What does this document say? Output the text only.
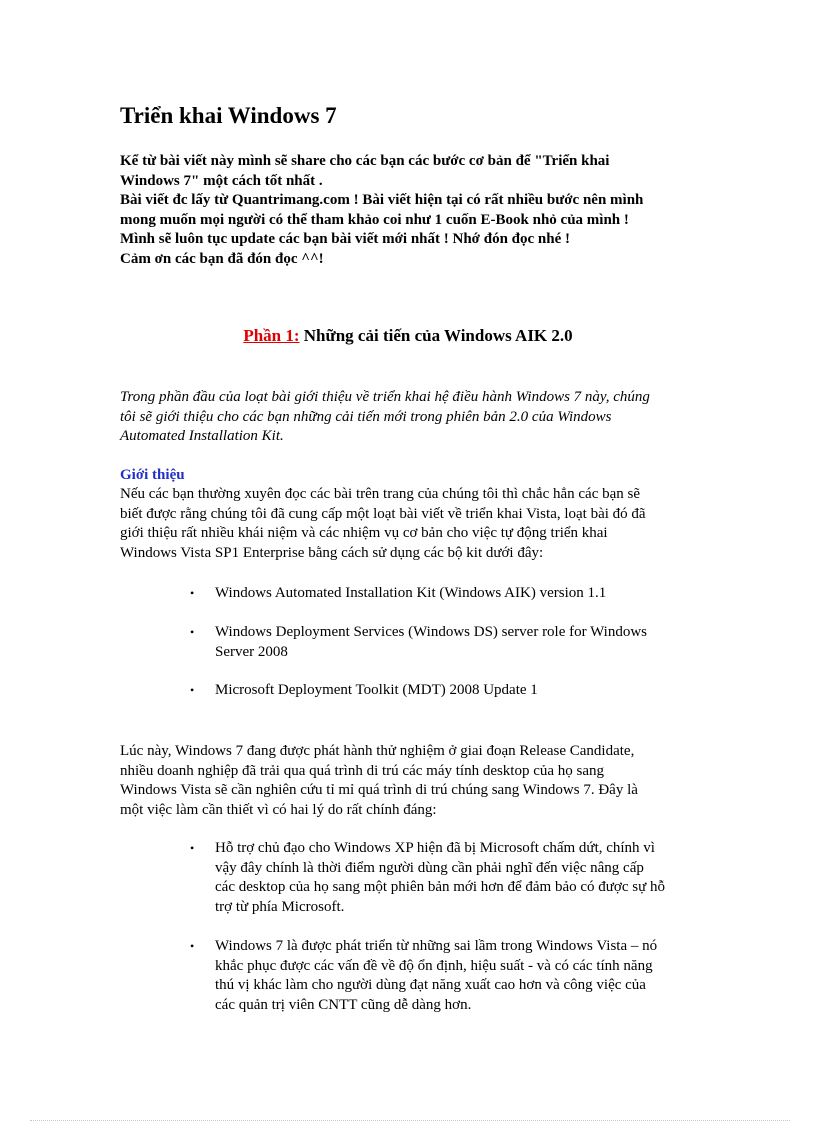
Triển khai Windows 7
Kể từ bài viết này mình sẽ share cho các bạn các bước cơ bản để "Triển khai
Windows 7" một cách tốt nhất .
Bài viết đc lấy từ Quantrimang.com ! Bài viết hiện tại có rất nhiều bước nên mình
mong muốn mọi người có thể tham khảo coi như 1 cuốn E-Book nhỏ của mình !
Mình sẽ luôn tục update các bạn bài viết mới nhất ! Nhớ đón đọc nhé !
Cảm ơn các bạn đã đón đọc ^^!
Phần 1: Những cải tiến của Windows AIK 2.0
Trong phần đầu của loạt bài giới thiệu về triển khai hệ điều hành Windows 7 này, chúng
tôi sẽ giới thiệu cho các bạn những cải tiến mới trong phiên bản 2.0 của Windows
Automated Installation Kit.
Giới thiệu
Nếu các bạn thường xuyên đọc các bài trên trang của chúng tôi thì chắc hẳn các bạn sẽ
biết được rằng chúng tôi đã cung cấp một loạt bài viết về triển khai Vista, loạt bài đó đã
giới thiệu rất nhiều khái niệm và các nhiệm vụ cơ bản cho việc tự động triển khai
Windows Vista SP1 Enterprise bằng cách sử dụng các bộ kit dưới đây:
• Windows Automated Installation Kit (Windows AIK) version 1.1
• Windows Deployment Services (Windows DS) server role for Windows
Server 2008
• Microsoft Deployment Toolkit (MDT) 2008 Update 1
Lúc này, Windows 7 đang được phát hành thử nghiệm ở giai đoạn Release Candidate,
nhiều doanh nghiệp đã trải qua quá trình di trú các máy tính desktop của họ sang
Windows Vista sẽ cần nghiên cứu tỉ mỉ quá trình di trú chúng sang Windows 7. Đây là
một việc làm cần thiết vì có hai lý do rất chính đáng:
• Hỗ trợ chủ đạo cho Windows XP hiện đã bị Microsoft chấm dứt, chính vì
vậy đây chính là thời điểm người dùng cần phải nghĩ đến việc nâng cấp
các desktop của họ sang một phiên bản mới hơn để đảm bảo có được sự hỗ
trợ từ phía Microsoft.
• Windows 7 là được phát triển từ những sai lầm trong Windows Vista – nó
khắc phục được các vấn đề về độ ổn định, hiệu suất - và có các tính năng
thú vị khác làm cho người dùng đạt năng xuất cao hơn và công việc của
các quản trị viên CNTT cũng dễ dàng hơn.
